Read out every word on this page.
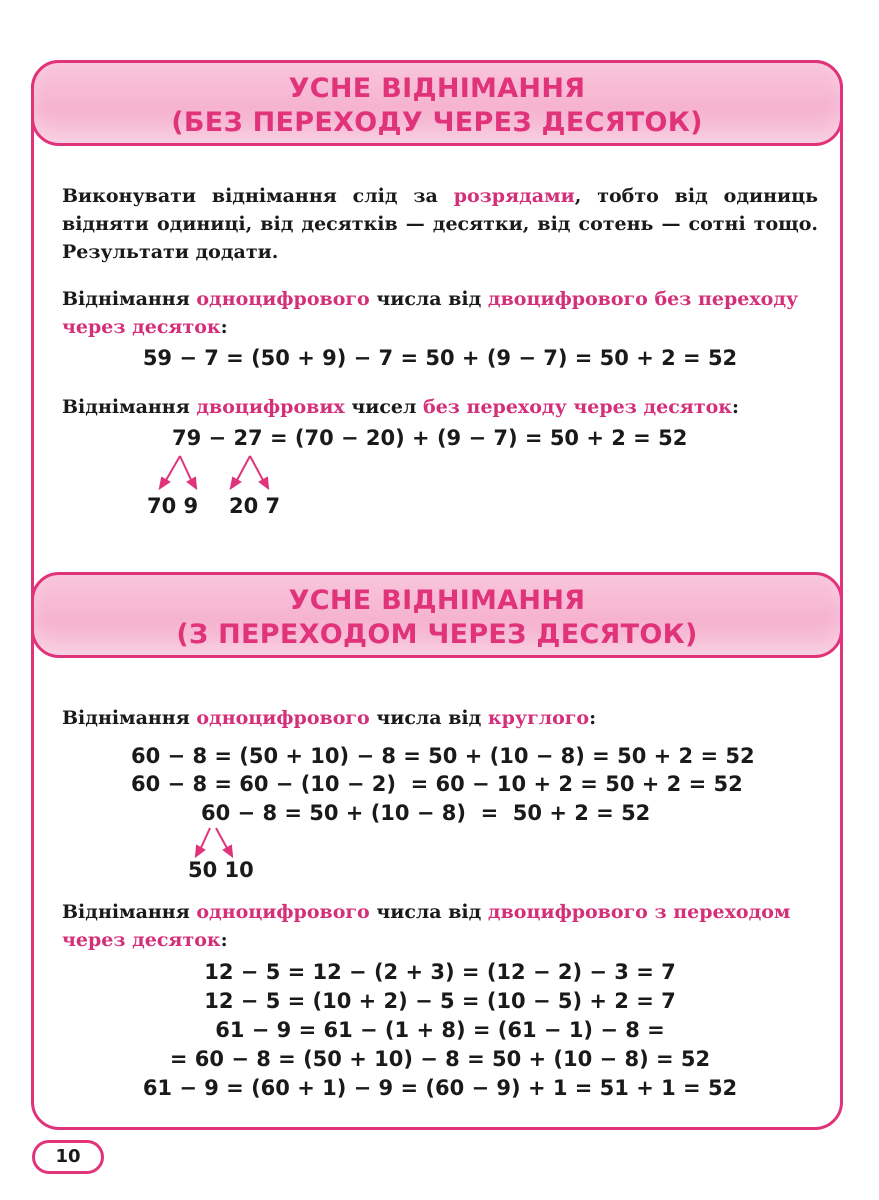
УСНЕ ВІДНІМАННЯ
(БЕЗ ПЕРЕХОДУ ЧЕРЕЗ ДЕСЯТОК)
Виконувати віднімання слід за розрядами, тобто від одиниць відняти одиниці, від десятків — десятки, від сотень — сотні тощо. Результати додати.
Віднімання одноцифрового числа від двоцифрового без переходу через десяток:
59 − 7 = (50 + 9) − 7 = 50 + (9 − 7) = 50 + 2 = 52
Віднімання двоцифрових чисел без переходу через десяток:
79 − 27 = (70 − 20) + (9 − 7) = 50 + 2 = 52
70 9 20 7
УСНЕ ВІДНІМАННЯ
(З ПЕРЕХОДОМ ЧЕРЕЗ ДЕСЯТОК)
Віднімання одноцифрового числа від круглого:
60 − 8 = (50 + 10) − 8 = 50 + (10 − 8) = 50 + 2 = 52
60 − 8 = 60 − (10 − 2)  = 60 − 10 + 2 = 50 + 2 = 52
60 − 8 = 50 + (10 − 8)  =  50 + 2 = 52
50 10
Віднімання одноцифрового числа від двоцифрового з переходом через десяток:
12 − 5 = 12 − (2 + 3) = (12 − 2) − 3 = 7
12 − 5 = (10 + 2) − 5 = (10 − 5) + 2 = 7
61 − 9 = 61 − (1 + 8) = (61 − 1) − 8 =
= 60 − 8 = (50 + 10) − 8 = 50 + (10 − 8) = 52
61 − 9 = (60 + 1) − 9 = (60 − 9) + 1 = 51 + 1 = 52
10
